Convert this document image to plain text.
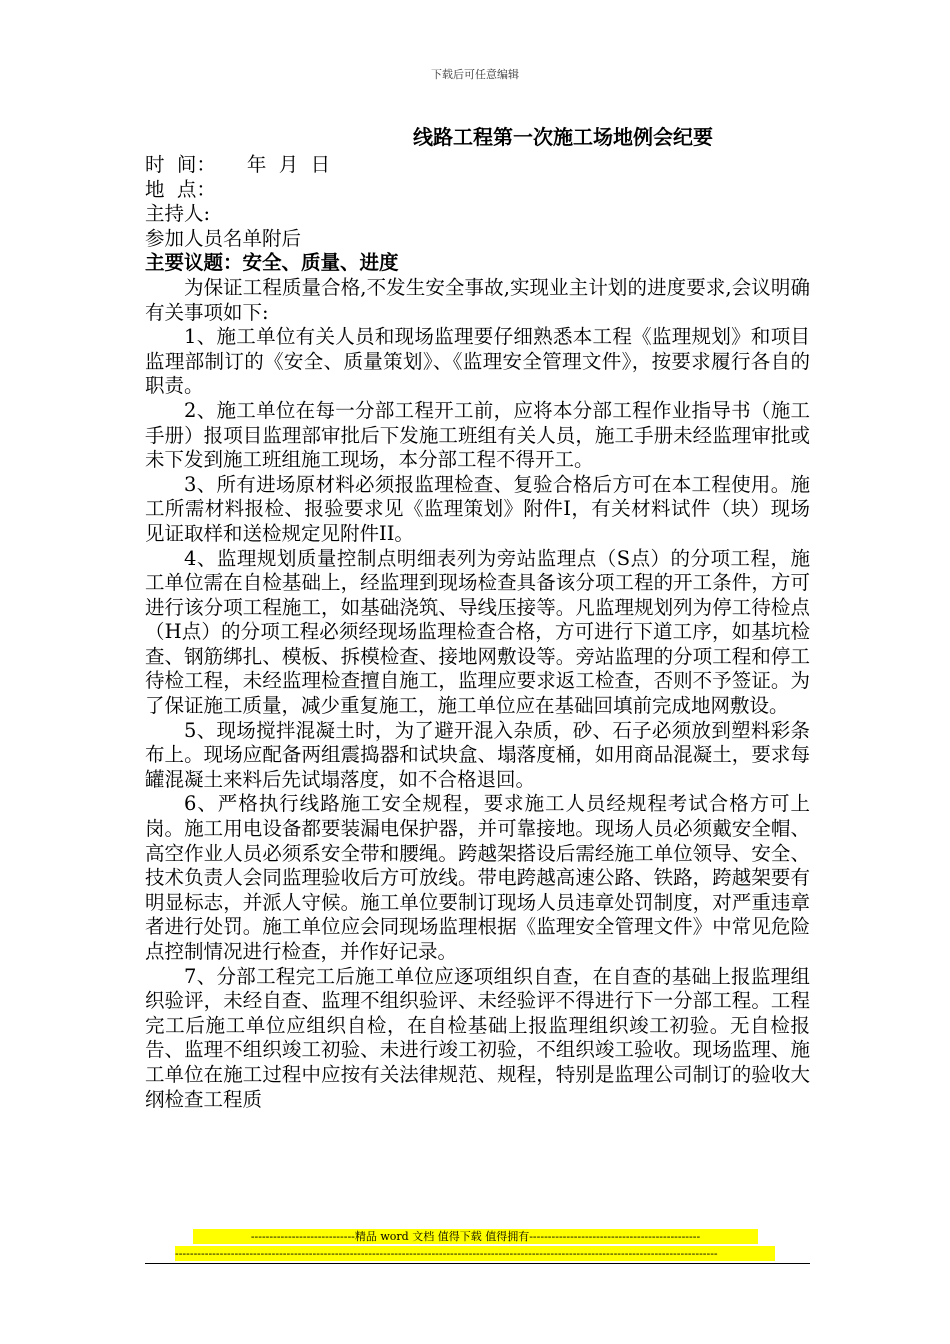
下载后可任意编辑
线路工程第一次施工场地例会纪要
时  间：     年  月  日
地  点：
主持人:
参加人员名单附后
主要议题：安全、质量、进度

为保证工程质量合格,不发生安全事故,实现业主计划的进度要求,会议明确有关事项如下:

1、施工单位有关人员和现场监理要仔细熟悉本工程《监理规划》和项目监理部制订的《安全、质量策划》、《监理安全管理文件》，按要求履行各自的职责。

2、施工单位在每一分部工程开工前，应将本分部工程作业指导书（施工手册）报项目监理部审批后下发施工班组有关人员，施工手册未经监理审批或未下发到施工班组施工现场，本分部工程不得开工。

3、所有进场原材料必须报监理检查、复验合格后方可在本工程使用。施工所需材料报检、报验要求见《监理策划》附件I，有关材料试件（块）现场见证取样和送检规定见附件II。

4、监理规划质量控制点明细表列为旁站监理点（S点）的分项工程，施工单位需在自检基础上，经监理到现场检查具备该分项工程的开工条件，方可进行该分项工程施工，如基础浇筑、导线压接等。凡监理规划列为停工待检点（H点）的分项工程必须经现场监理检查合格，方可进行下道工序，如基坑检查、钢筋绑扎、模板、拆模检查、接地网敷设等。旁站监理的分项工程和停工待检工程，未经监理检查擅自施工，监理应要求返工检查，否则不予签证。为了保证施工质量，减少重复施工，施工单位应在基础回填前完成地网敷设。

5、现场搅拌混凝土时，为了避开混入杂质，砂、石子必须放到塑料彩条布上。现场应配备两组震捣器和试块盒、塌落度桶，如用商品混凝土，要求每罐混凝土来料后先试塌落度，如不合格退回。

6、严格执行线路施工安全规程，要求施工人员经规程考试合格方可上岗。施工用电设备都要装漏电保护器，并可靠接地。现场人员必须戴安全帽、高空作业人员必须系安全带和腰绳。跨越架搭设后需经施工单位领导、安全、技术负责人会同监理验收后方可放线。带电跨越高速公路、铁路，跨越架要有明显标志，并派人守候。施工单位要制订现场人员违章处罚制度，对严重违章者进行处罚。施工单位应会同现场监理根据《监理安全管理文件》中常见危险点控制情况进行检查，并作好记录。

7、分部工程完工后施工单位应逐项组织自查，在自查的基础上报监理组织验评，未经自查、监理不组织验评、未经验评不得进行下一分部工程。工程完工后施工单位应组织自检，在自检基础上报监理组织竣工初验。无自检报告、监理不组织竣工初验、未进行竣工初验，不组织竣工验收。现场监理、施工单位在施工过程中应按有关法律规范、规程，特别是监理公司制订的验收大纲检查工程质

----------------------------精品 word 文档 值得下载 值得拥有----------------------------------------------
--------------------------------------------------------------------------------------------------------------------------------------------------
